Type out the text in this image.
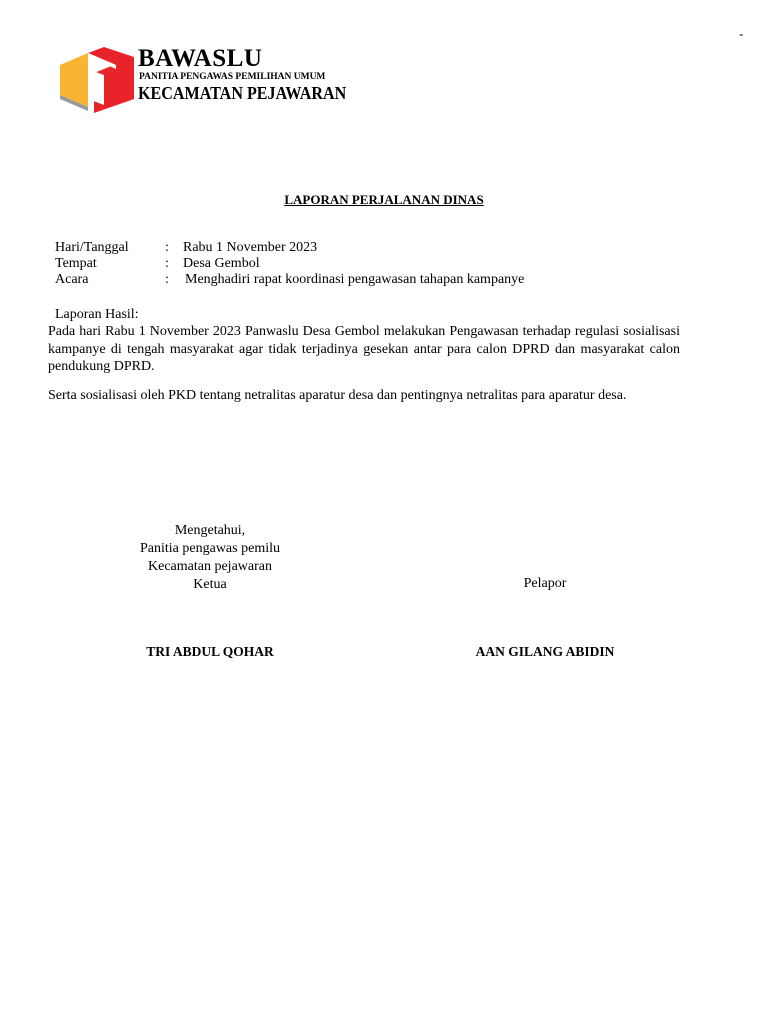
-
BAWASLU
PANITIA PENGAWAS PEMILIHAN UMUM
KECAMATAN PEJAWARAN
LAPORAN PERJALANAN DINAS
Hari/Tanggal	: Rabu 1 November 2023
Tempat	: Desa Gembol
Acara	: Menghadiri rapat koordinasi pengawasan tahapan kampanye
Laporan Hasil:
Pada hari Rabu 1 November 2023 Panwaslu Desa Gembol melakukan Pengawasan terhadap regulasi sosialisasi kampanye di tengah masyarakat agar tidak terjadinya gesekan antar para calon DPRD dan masyarakat calon pendukung DPRD.
Serta sosialisasi oleh PKD tentang netralitas aparatur desa dan pentingnya netralitas para aparatur desa.
Mengetahui,
Panitia pengawas pemilu
Kecamatan pejawaran
Ketua	Pelapor
TRI ABDUL QOHAR	AAN GILANG ABIDIN
